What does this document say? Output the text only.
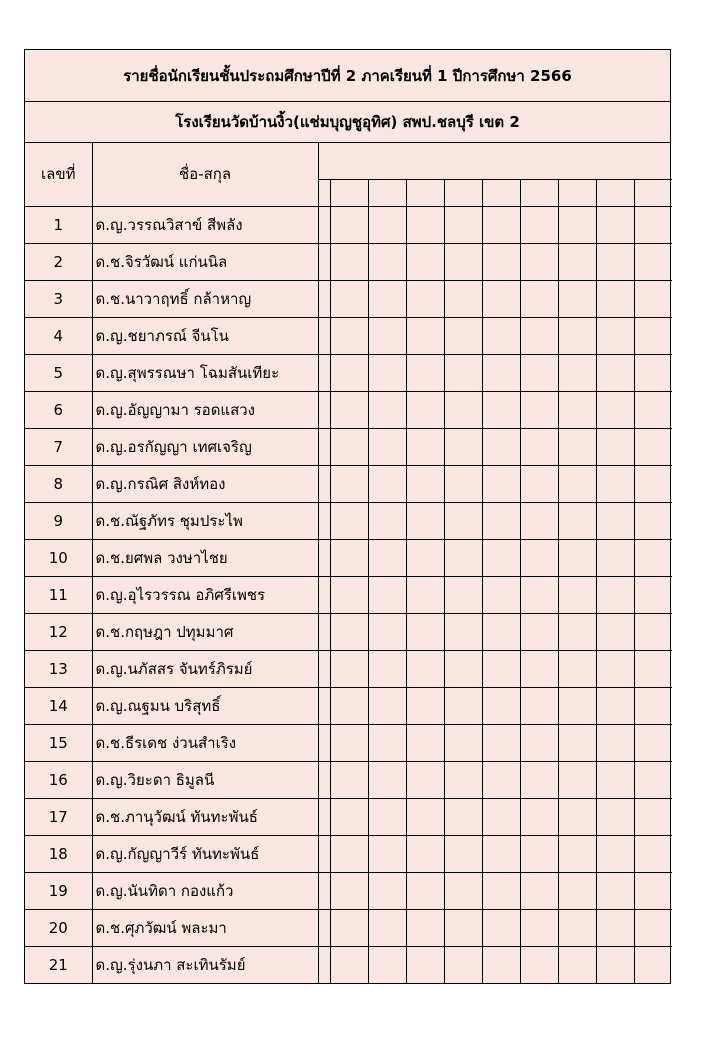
รายชื่อนักเรียนชั้นประถมศึกษาปีที่ 2 ภาคเรียนที่ 1 ปีการศึกษา 2566
โรงเรียนวัดบ้านงิ้ว(แช่มบุญชูอุทิศ) สพป.ชลบุรี เขต 2
เลขที่	ชื่อ-สกุล										

1	ด.ญ.วรรณวิสาข์ สีพลัง										
2	ด.ช.จิรวัฒน์ แก่นนิล										
3	ด.ช.นาวาฤทธิ์ กล้าหาญ										
4	ด.ญ.ชยาภรณ์ จีนโน										
5	ด.ญ.สุพรรณษา โฉมสันเทียะ										
6	ด.ญ.อัญญามา รอดแสวง										
7	ด.ญ.อรกัญญา เทศเจริญ										
8	ด.ญ.กรณิศ สิงห์ทอง										
9	ด.ช.ณัฐภัทร ชุมประไพ										
10	ด.ช.ยศพล วงษาไชย										
11	ด.ญ.อุไรวรรณ อภิศรีเพชร										
12	ด.ช.กฤษฎา ปทุมมาศ										
13	ด.ญ.นภัสสร จันทร์ภิรมย์										
14	ด.ญ.ณฐมน บริสุทธิ์										
15	ด.ช.ธีรเดช ง่วนสำเริง										
16	ด.ญ.วิยะดา ธิมูลนี										
17	ด.ช.ภานุวัฒน์ ทันทะพันธ์										
18	ด.ญ.กัญญาวีร์ ทันทะพันธ์										
19	ด.ญ.นันทิดา กองแก้ว										
20	ด.ช.ศุภวัฒน์ พละมา										
21	ด.ญ.รุ่งนภา สะเทินรัมย์										
